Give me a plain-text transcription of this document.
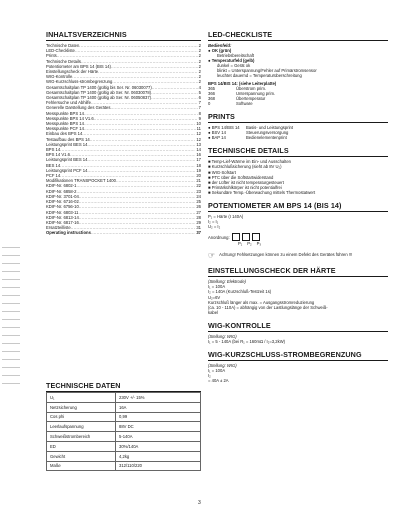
INHALTSVERZEICHNIS
Technische Daten .....	2
LED-Checkliste .....	2
Prints .....	2
Technische Details .....	2
Potentiometer am BPS 14 (BIS 14) .....	2
Einstellungscheck der Härte .....	2
WIG-Kontrolle .....	2
WIG-Kurzschluss-strombegrenzung .....	2
Gesamtschaltplan TP 1400 (gültig bis Ser. Nr. 06030077) .....	4
Gesamtschaltplan TP 1400 (gültig ab Ser. Nr. 06030078) .....	5
Gesamtschaltplan TP 1400 (gültig ab Ser. Nr. 06050837) .....	6
Fehlersuche und Abhilfe .....	7
Generelle Darstellung des Gerätes .....	7
Messpunkte BPS 14 .....	8
Messpunkte BPS 14 V1.6 .....	9
Messpunkte BPS 14 .....	10
Messpunkte PCF 14 .....	11
Einbau des BPS 14 .....	12
Testaufbau des BPS 14 .....	12
Leistungsprint BES 14 .....	13
BPS 14 .....	14
BPS 14 V1.6 .....	16
Leistungsprint BES 14 .....	17
BES 14 .....	18
Leistungsprint PCF 14 .....	19
PCF 14 .....	20
Modifikationen TRANSPOCKET 1400 .....	21
KDIF-Nr. 6802-1 .....	22
KDIF-Nr. 6858-2 .....	23
KDIF-Nr. 3701-04 .....	24
KDIF-Nr. 6716-02 .....	25
KDIF-Nr. 6756-10 .....	26
KDIF-Nr. 6803-11 .....	27
KDIF-Nr. 6813-14 .....	28
KDIF-Nr. 6817-16 .....	29
Ersatzteilliste .....	31
Operating instructions .....	37
TECHNISCHE DATEN
U₁	230V +/- 15%
Netzsicherung	16A
Cos phi	0,99
Leerlaufspannung	88V DC
Schweißstrombereich	5-140A
ED	30%/140A
Gewicht	4,2kg
Maße	312/110/220
LED-CHECKLISTE
Bedienfeld:
● OK (grün)
Betriebsbereitschaft
● Temperaturfeld (gelb)
dunkel = Gerät ok
blinkt = Unterspannung/Fehler auf Primärstromsensor
leuchtet dauernd = Temperaturüberschreitung
BPS 14/BIS 14: (siehe Leiterplatte)
365	Überstrom prim.
366	Unterspannung prim.
368	Übertemperatur
0	Software
PRINTS
● BPS 14/BIS 14	Basis- und Leistungsprint
● BSV 14	Steuerungsversorgung
● BAP 14	Bedienelementenprint
TECHNISCHE DETAILS
■ Temp-Lief-Wärme im Ein- und Ausschalten
■ Kurzschlußsicherung (sieht ab 8V U₂)
■ WIG-Sofstart
■ PTC über die Softstartwiderstand
■ der Lüfter ist nicht temperaturgesteuert
■ Primärkühlkörper ist nicht potentialfrei
■ Sekundäre Temp.-Überwachung mittels Thermostatwert
POTENTIOMETER AM BPS 14 (BIS 14)
P₁ = Härte (I 140A)
I₂ = I₁
U₂ = I₂
Anordnung:
P₁ P₂ P₃
☞ Achtung! Fehlsetzungen können zu einem Defekt des Gerätes führen !!!
EINSTELLUNGSCHECK DER HÄRTE
(Stellung: Elektrode)
I₁ = 100A
I₂ = 140A (Kurzschluß-Testzeit 1s)
U₂=6V
Kurzschluß länger als max. = Ausgangsstromreduzierung
(ca. 10 - 110A) = abhängig von der Lastlungslänge der Schweiß-
kabel
WIG-KONTROLLE
(Stellung: WIG)
I₁ = 5 - 140A (bei R₁ = 160mΩ / I₂=3,2kW)
WIG-KURZSCHLUSS-STROMBEGRENZUNG
(Stellung: WIG)
I₁ = 100A
I₂
= 40A ± 2A
3
